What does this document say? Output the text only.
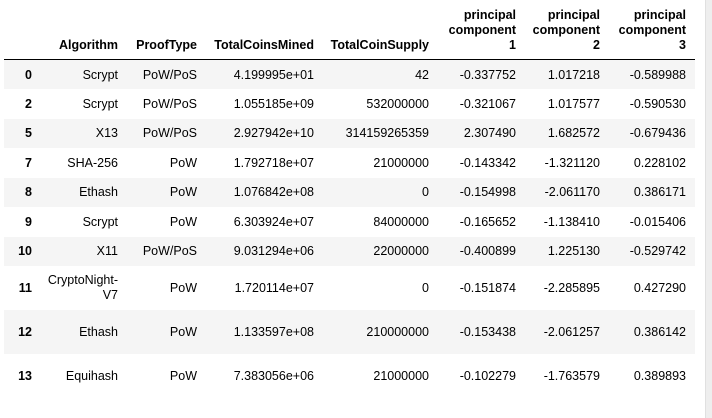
	Algorithm	ProofType	TotalCoinsMined	TotalCoinSupply	principal component 1	principal component 2	principal component 3
0	Scrypt	PoW/PoS	4.199995e+01	42	-0.337752	1.017218	-0.589988
2	Scrypt	PoW/PoS	1.055185e+09	532000000	-0.321067	1.017577	-0.590530
5	X13	PoW/PoS	2.927942e+10	314159265359	2.307490	1.682572	-0.679436
7	SHA-256	PoW	1.792718e+07	21000000	-0.143342	-1.321120	0.228102
8	Ethash	PoW	1.076842e+08	0	-0.154998	-2.061170	0.386171
9	Scrypt	PoW	6.303924e+07	84000000	-0.165652	-1.138410	-0.015406
10	X11	PoW/PoS	9.031294e+06	22000000	-0.400899	1.225130	-0.529742
11	CryptoNight-V7	PoW	1.720114e+07	0	-0.151874	-2.285895	0.427290
12	Ethash	PoW	1.133597e+08	210000000	-0.153438	-2.061257	0.386142
13	Equihash	PoW	7.383056e+06	21000000	-0.102279	-1.763579	0.389893
